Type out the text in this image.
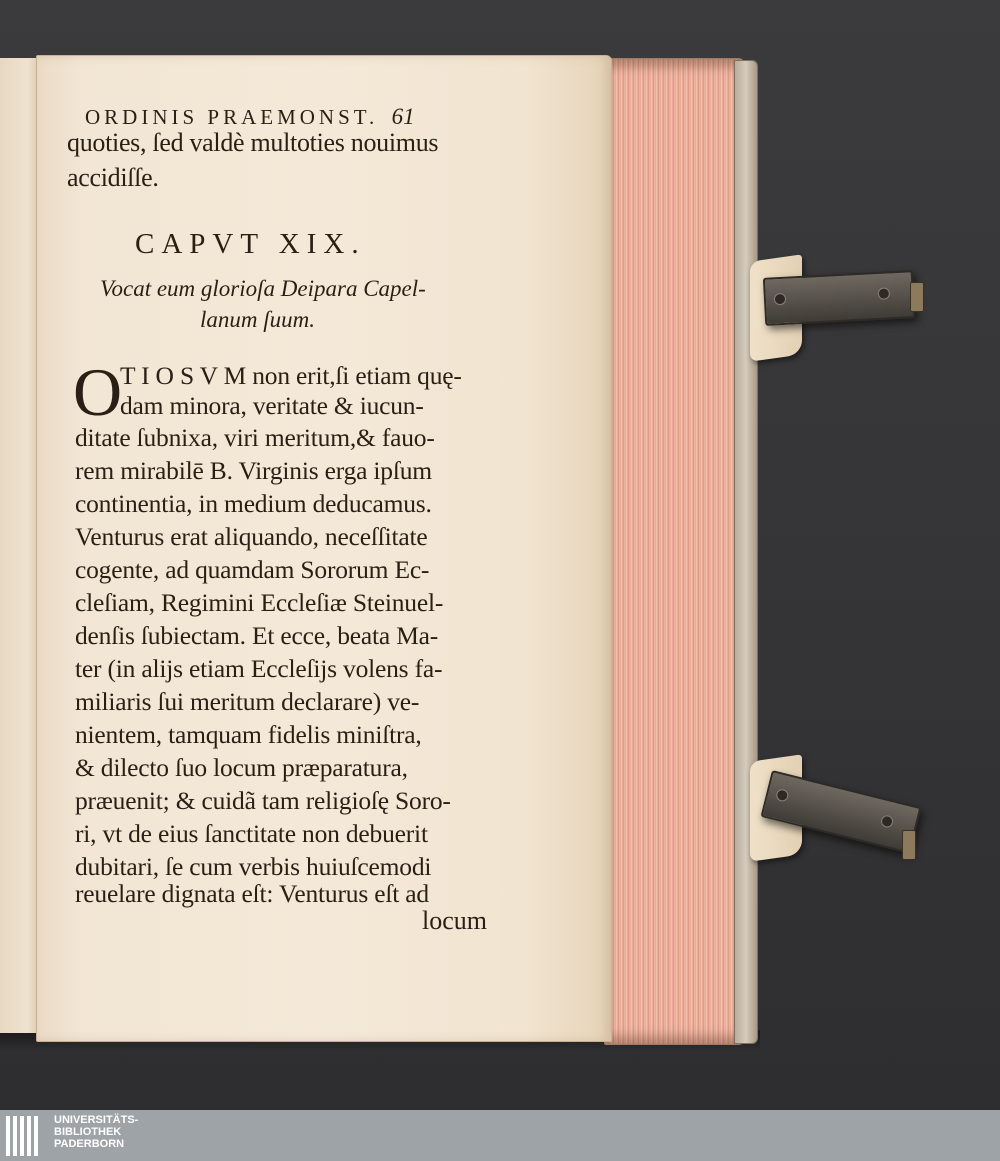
ORDINIS PRAEMONST. 61
quoties, ſed valdè multoties nouimus
accidiſſe.
CAPVT XIX.
Vocat eum glorioſa Deipara Capel-
lanum ſuum.
O
T I O S V M non erit,ſi etiam quę-
dam minora, veritate & iucun-
ditate ſubnixa, viri meritum,& fauo-
rem mirabilē B. Virginis erga ipſum
continentia, in medium deducamus.
Venturus erat aliquando, neceſſitate
cogente, ad quamdam Sororum Ec-
cleſiam, Regimini Eccleſiæ Steinuel-
denſis ſubiectam. Et ecce, beata Ma-
ter (in alijs etiam Eccleſijs volens fa-
miliaris ſui meritum declarare) ve-
nientem, tamquam fidelis miniſtra,
& dilecto ſuo locum præparatura,
præuenit; & cuidã tam religioſę Soro-
ri, vt de eius ſanctitate non debuerit
dubitari, ſe cum verbis huiuſcemodi
reuelare dignata eſt: Venturus eſt ad
locum
UNIVERSITÄTS-
BIBLIOTHEK
PADERBORN
